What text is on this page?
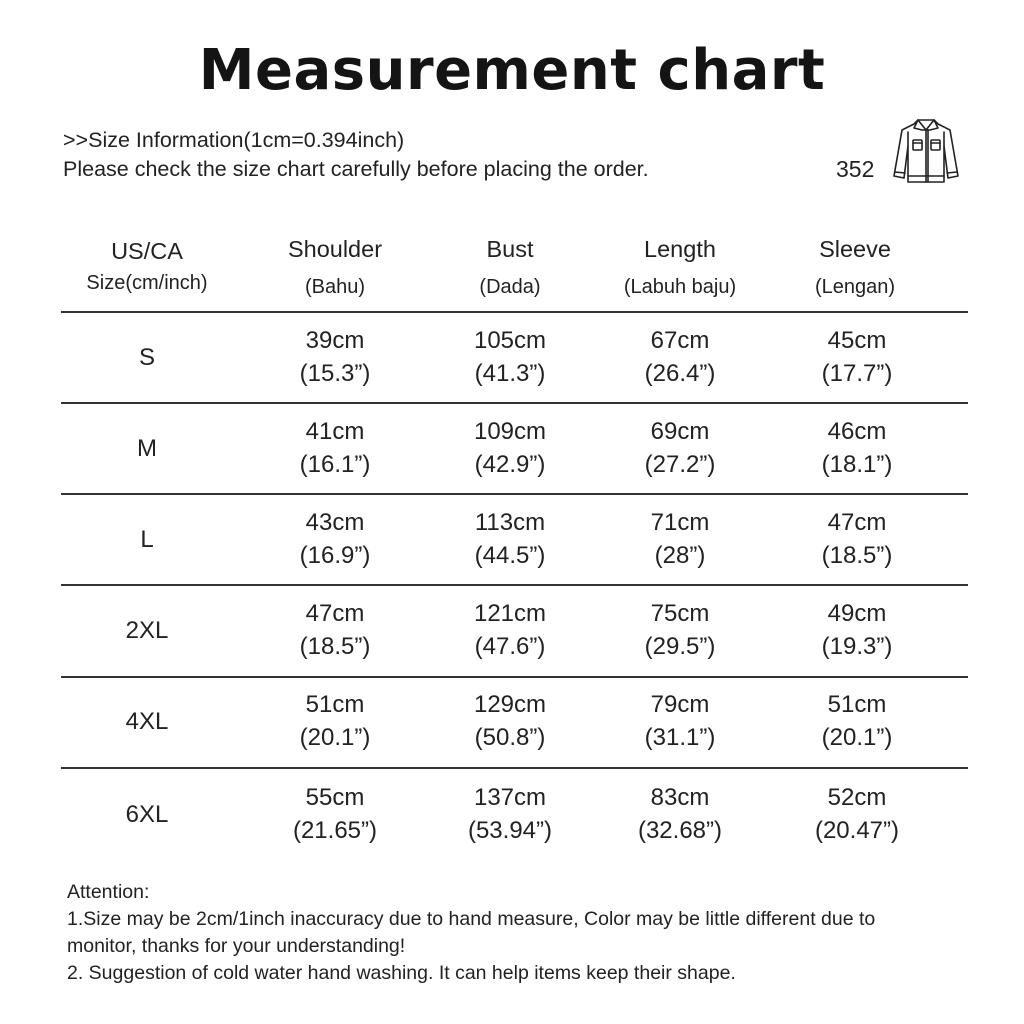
Measurement chart
>>Size Information(1cm=0.394inch)
Please check the size chart carefully before placing the order.	352
US/CA
Size(cm/inch)
Shoulder
(Bahu)
Bust
(Dada)
Length
(Labuh baju)
Sleeve
(Lengan)
S
39cm
(15.3”)
105cm
(41.3”)
67cm
(26.4”)
45cm
(17.7”)
M
41cm
(16.1”)
109cm
(42.9”)
69cm
(27.2”)
46cm
(18.1”)
L
43cm
(16.9”)
113cm
(44.5”)
71cm
(28”)
47cm
(18.5”)
2XL
47cm
(18.5”)
121cm
(47.6”)
75cm
(29.5”)
49cm
(19.3”)
4XL
51cm
(20.1”)
129cm
(50.8”)
79cm
(31.1”)
51cm
(20.1”)
6XL
55cm
(21.65”)
137cm
(53.94”)
83cm
(32.68”)
52cm
(20.47”)
Attention:
1.Size may be 2cm/1inch inaccuracy due to hand measure, Color may be little different due to
monitor, thanks for your understanding!
2. Suggestion of cold water hand washing. It can help items keep their shape.
